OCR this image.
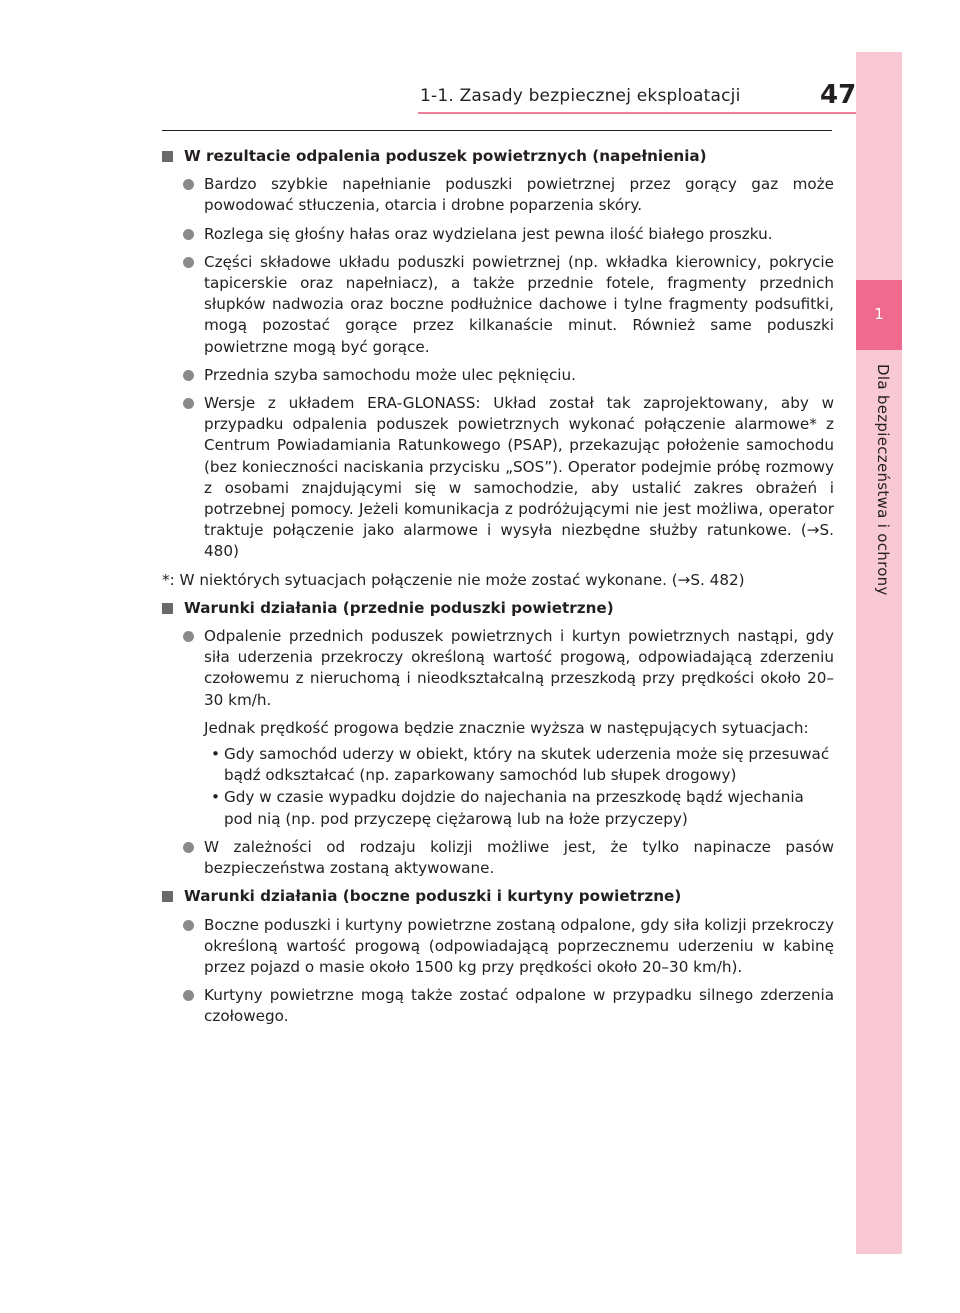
1
Dla bezpieczeństwa i ochrony
1-1. Zasady bezpiecznej eksploatacji	47
W rezultacie odpalenia poduszek powietrznych (napełnienia)
Bardzo szybkie napełnianie poduszki powietrznej przez gorący gaz może powodować stłuczenia, otarcia i drobne poparzenia skóry.
Rozlega się głośny hałas oraz wydzielana jest pewna ilość białego proszku.
Części składowe układu poduszki powietrznej (np. wkładka kierownicy, pokrycie tapicerskie oraz napełniacz), a także przednie fotele, fragmenty przednich słupków nadwozia oraz boczne podłużnice dachowe i tylne fragmenty podsufitki, mogą pozostać gorące przez kilkanaście minut. Również same poduszki powietrzne mogą być gorące.
Przednia szyba samochodu może ulec pęknięciu.
Wersje z układem ERA-GLONASS: Układ został tak zaprojektowany, aby w przypadku odpalenia poduszek powietrznych wykonać połączenie alarmowe* z Centrum Powiadamiania Ratunkowego (PSAP), przekazując położenie samochodu (bez konieczności naciskania przycisku „SOS”). Operator podejmie próbę rozmowy z osobami znajdującymi się w samochodzie, aby ustalić zakres obrażeń i potrzebnej pomocy. Jeżeli komunikacja z podróżującymi nie jest możliwa, operator traktuje połączenie jako alarmowe i wysyła niezbędne służby ratunkowe. (→S. 480)
*: W niektórych sytuacjach połączenie nie może zostać wykonane. (→S. 482)
Warunki działania (przednie poduszki powietrzne)
Odpalenie przednich poduszek powietrznych i kurtyn powietrznych nastąpi, gdy siła uderzenia przekroczy określoną wartość progową, odpowiadającą zderzeniu czołowemu z nieruchomą i nieodkształcalną przeszkodą przy prędkości około 20–30 km/h.
Jednak prędkość progowa będzie znacznie wyższa w następujących sytuacjach:
• Gdy samochód uderzy w obiekt, który na skutek uderzenia może się przesuwać bądź odkształcać (np. zaparkowany samochód lub słupek drogowy)
• Gdy w czasie wypadku dojdzie do najechania na przeszkodę bądź wjechania pod nią (np. pod przyczepę ciężarową lub na łoże przyczepy)
W zależności od rodzaju kolizji możliwe jest, że tylko napinacze pasów bezpieczeństwa zostaną aktywowane.
Warunki działania (boczne poduszki i kurtyny powietrzne)
Boczne poduszki i kurtyny powietrzne zostaną odpalone, gdy siła kolizji przekroczy określoną wartość progową (odpowiadającą poprzecznemu uderzeniu w kabinę przez pojazd o masie około 1500 kg przy prędkości około 20–30 km/h).
Kurtyny powietrzne mogą także zostać odpalone w przypadku silnego zderzenia czołowego.
